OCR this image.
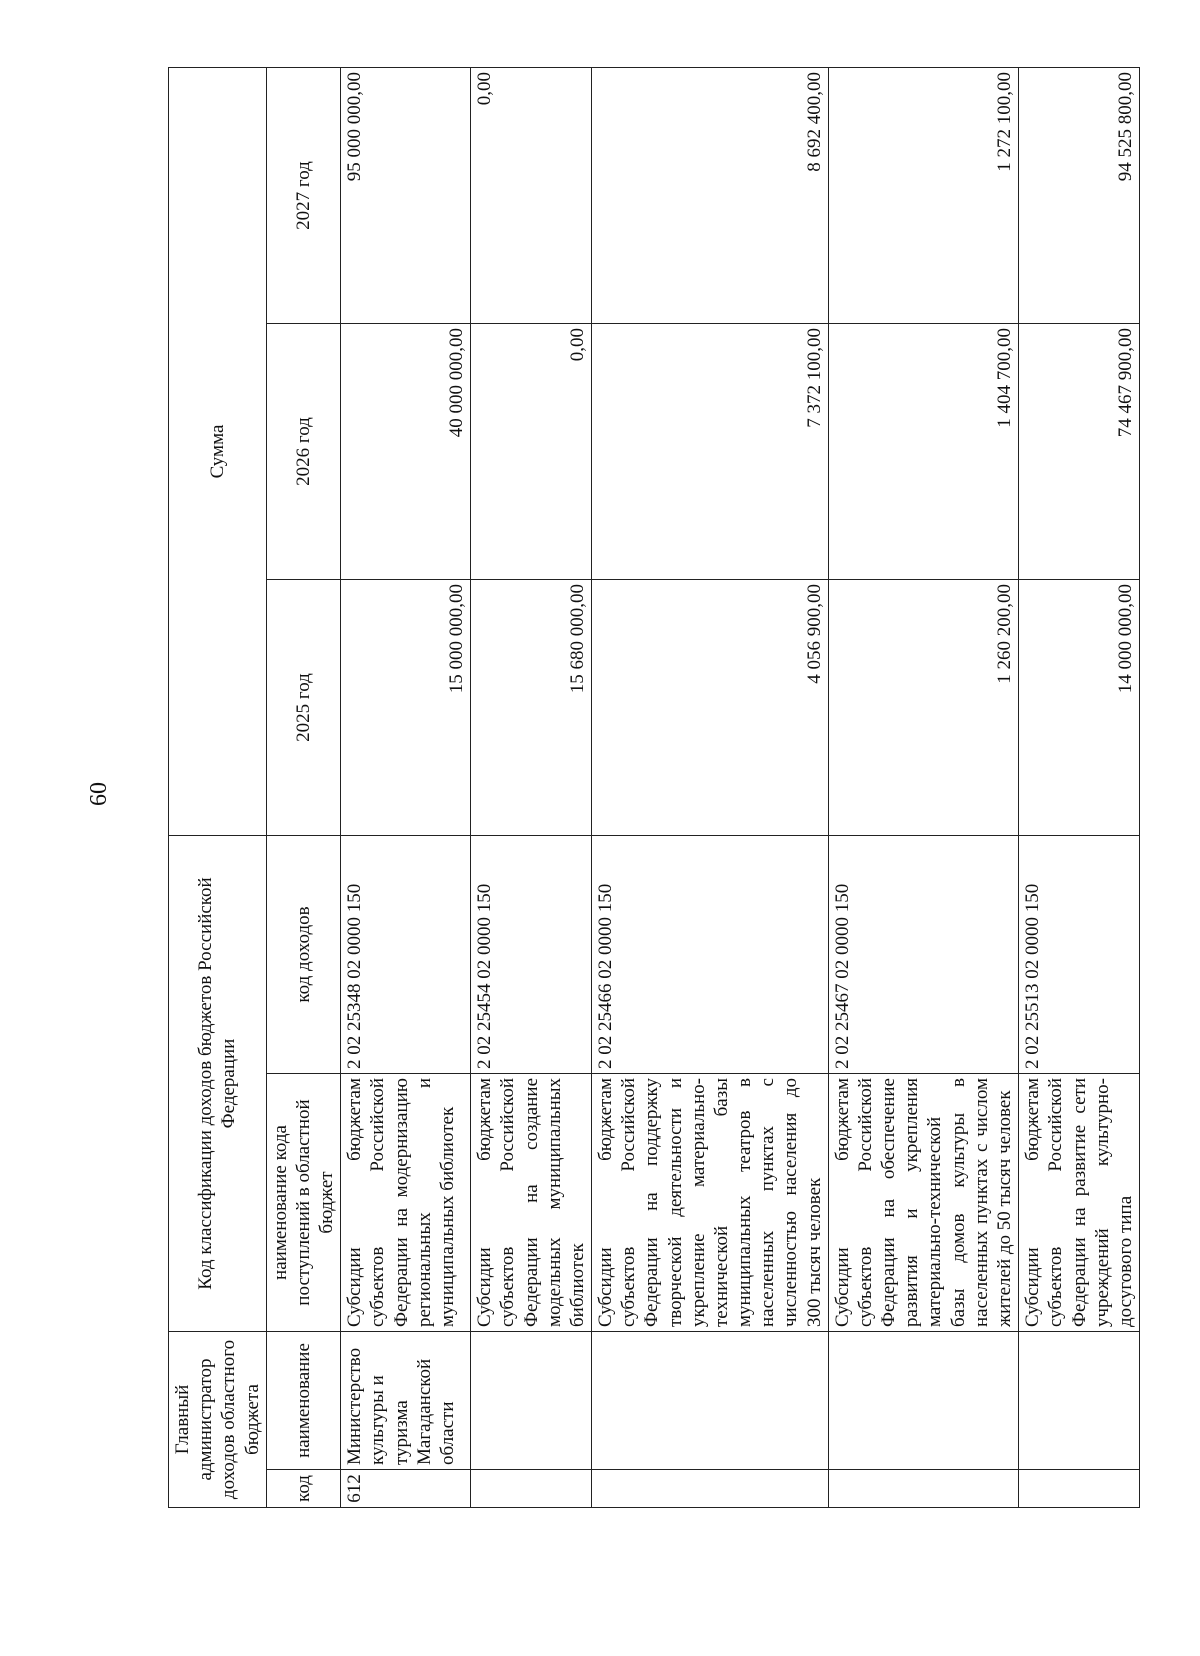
60
Главный администратор доходов областного бюджета		Код классификации доходов бюджетов Российской Федерации		Сумма		
код	наименование	наименование кода поступлений в областной бюджет	код доходов	2025 год	2026 год	2027 год
612	Министерство культуры и туризма Магаданской области	Субсидии бюджетам субъектов Российской Федерации на модернизацию региональных и муниципальных библиотек	2 02 25348 02 0000 150	15 000 000,00	40 000 000,00	95 000 000,00
		Субсидии бюджетам субъектов Российской Федерации на создание модельных муниципальных библиотек	2 02 25454 02 0000 150	15 680 000,00	0,00	0,00
		Субсидии бюджетам субъектов Российской Федерации на поддержку творческой деятельности и укрепление материально-технической базы муниципальных театров в населенных пунктах с численностью населения до 300 тысяч человек	2 02 25466 02 0000 150	4 056 900,00	7 372 100,00	8 692 400,00
		Субсидии бюджетам субъектов Российской Федерации на обеспечение развития и укрепления материально-технической базы домов культуры в населенных пунктах с числом жителей до 50 тысяч человек	2 02 25467 02 0000 150	1 260 200,00	1 404 700,00	1 272 100,00
		Субсидии бюджетам субъектов Российской Федерации на развитие сети учреждений культурно-досугового типа	2 02 25513 02 0000 150	14 000 000,00	74 467 900,00	94 525 800,00
